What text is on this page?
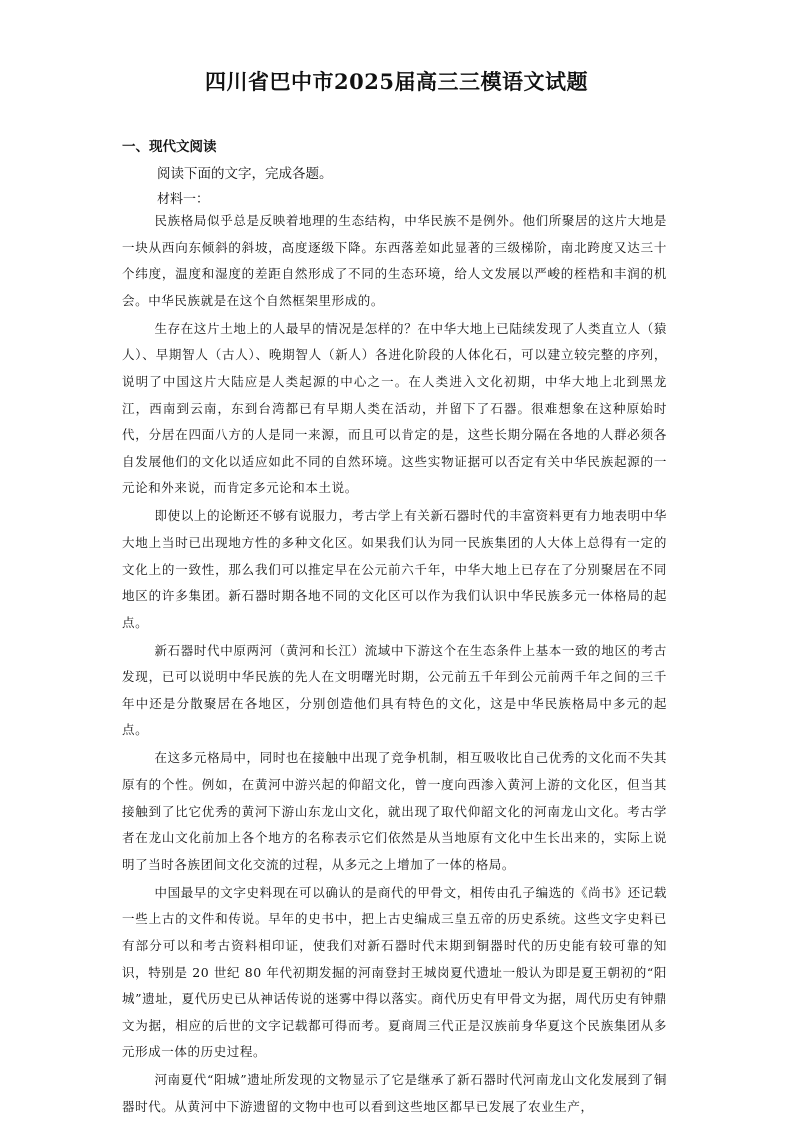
四川省巴中市2025届高三三模语文试题
一、现代文阅读

阅读下面的文字，完成各题。

材料一：

民族格局似乎总是反映着地理的生态结构，中华民族不是例外。他们所聚居的这片大地是一块从西向东倾斜的斜坡，高度逐级下降。东西落差如此显著的三级梯阶，南北跨度又达三十个纬度，温度和湿度的差距自然形成了不同的生态环境，给人文发展以严峻的桎梏和丰润的机会。中华民族就是在这个自然框架里形成的。

生存在这片土地上的人最早的情况是怎样的？在中华大地上已陆续发现了人类直立人（猿人）、早期智人（古人）、晚期智人（新人）各进化阶段的人体化石，可以建立较完整的序列，说明了中国这片大陆应是人类起源的中心之一。在人类进入文化初期，中华大地上北到黑龙江，西南到云南，东到台湾都已有早期人类在活动，并留下了石器。很难想象在这种原始时代，分居在四面八方的人是同一来源，而且可以肯定的是，这些长期分隔在各地的人群必须各自发展他们的文化以适应如此不同的自然环境。这些实物证据可以否定有关中华民族起源的一元论和外来说，而肯定多元论和本土说。

即使以上的论断还不够有说服力，考古学上有关新石器时代的丰富资料更有力地表明中华大地上当时已出现地方性的多种文化区。如果我们认为同一民族集团的人大体上总得有一定的文化上的一致性，那么我们可以推定早在公元前六千年，中华大地上已存在了分别聚居在不同地区的许多集团。新石器时期各地不同的文化区可以作为我们认识中华民族多元一体格局的起点。

新石器时代中原两河（黄河和长江）流域中下游这个在生态条件上基本一致的地区的考古发现，已可以说明中华民族的先人在文明曙光时期，公元前五千年到公元前两千年之间的三千年中还是分散聚居在各地区，分别创造他们具有特色的文化，这是中华民族格局中多元的起点。

在这多元格局中，同时也在接触中出现了竞争机制，相互吸收比自己优秀的文化而不失其原有的个性。例如，在黄河中游兴起的仰韶文化，曾一度向西渗入黄河上游的文化区，但当其接触到了比它优秀的黄河下游山东龙山文化，就出现了取代仰韶文化的河南龙山文化。考古学者在龙山文化前加上各个地方的名称表示它们依然是从当地原有文化中生长出来的，实际上说明了当时各族团间文化交流的过程，从多元之上增加了一体的格局。

中国最早的文字史料现在可以确认的是商代的甲骨文，相传由孔子编选的《尚书》还记载一些上古的文件和传说。早年的史书中，把上古史编成三皇五帝的历史系统。这些文字史料已有部分可以和考古资料相印证，使我们对新石器时代末期到铜器时代的历史能有较可靠的知识，特别是 20 世纪 80 年代初期发掘的河南登封王城岗夏代遗址一般认为即是夏王朝初的“阳城”遗址，夏代历史已从神话传说的迷雾中得以落实。商代历史有甲骨文为据，周代历史有钟鼎文为据，相应的后世的文字记载都可得而考。夏商周三代正是汉族前身华夏这个民族集团从多元形成一体的历史过程。

河南夏代“阳城”遗址所发现的文物显示了它是继承了新石器时代河南龙山文化发展到了铜器时代。从黄河中下游遗留的文物中也可以看到这些地区都早已发展了农业生产，
